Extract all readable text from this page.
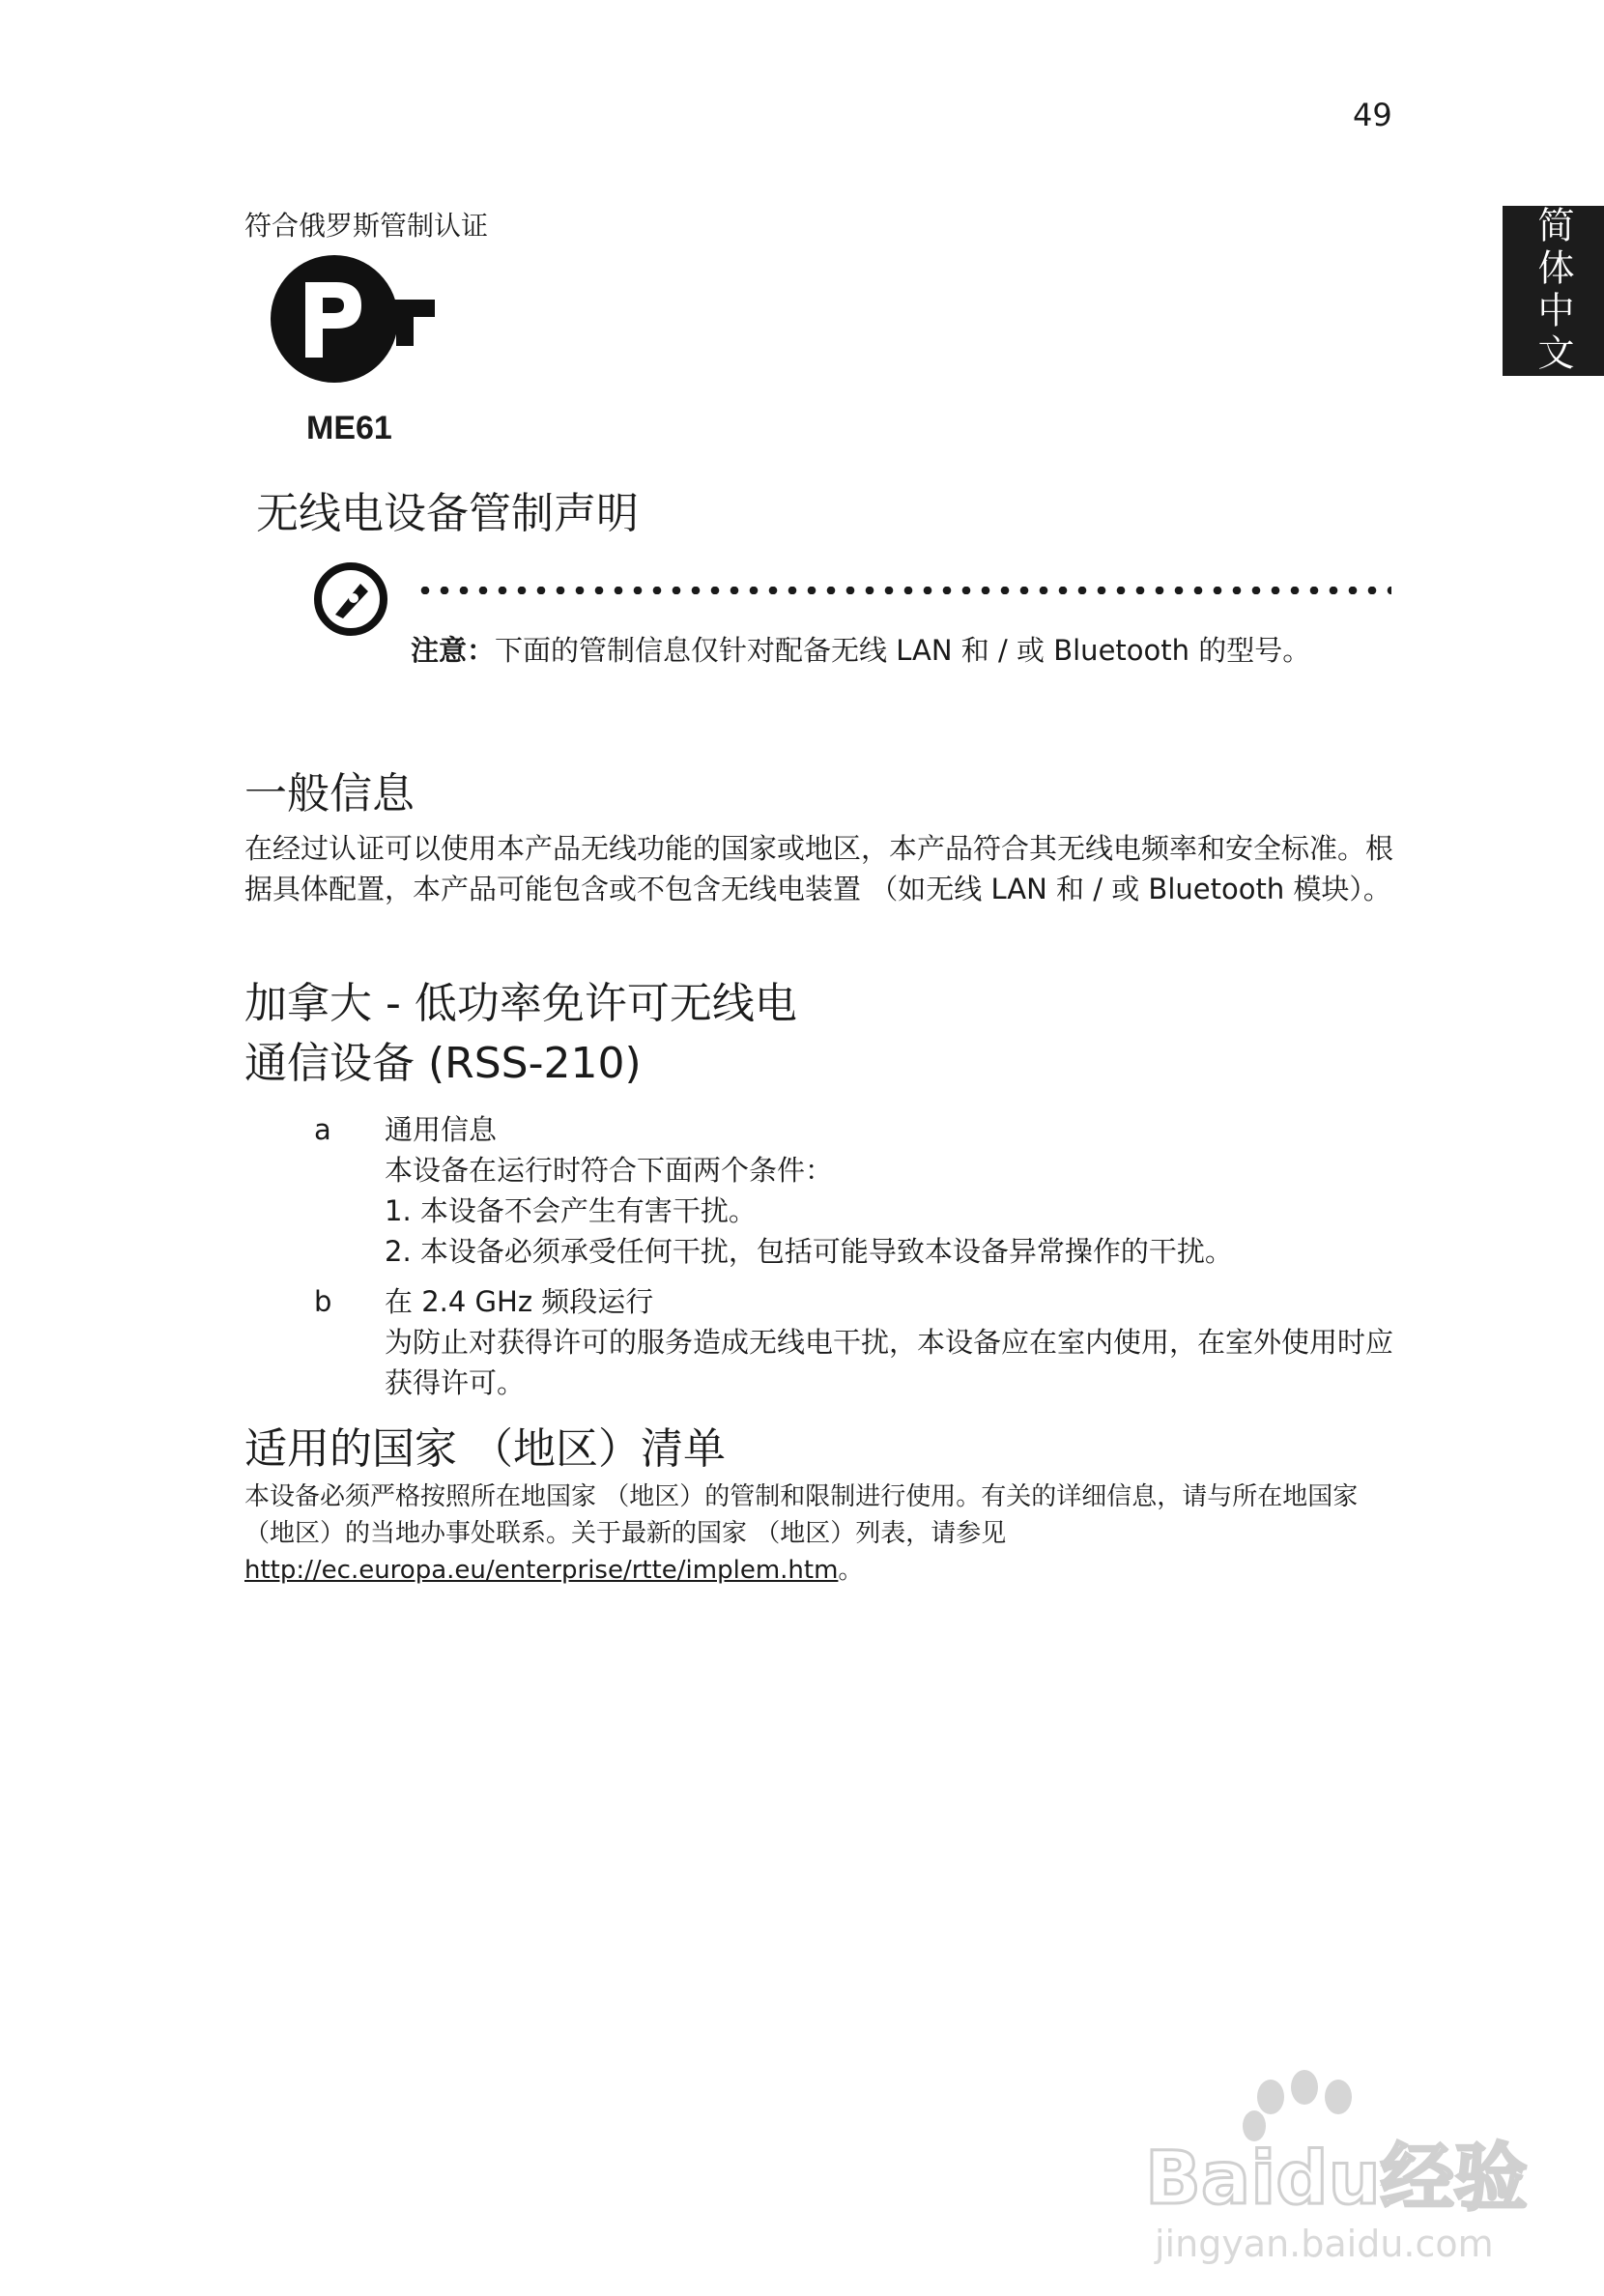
49
简体中文
符合俄罗斯管制认证
ME61
无线电设备管制声明
注意：下面的管制信息仅针对配备无线 LAN 和 / 或 Bluetooth 的型号。
一般信息
在经过认证可以使用本产品无线功能的国家或地区，本产品符合其无线电频率和安全标准。根据具体配置，本产品可能包含或不包含无线电装置 （如无线 LAN 和 / 或 Bluetooth 模块）。
加拿大 - 低功率免许可无线电
通信设备 (RSS-210)
a	通用信息
本设备在运行时符合下面两个条件：
1. 本设备不会产生有害干扰。
2. 本设备必须承受任何干扰，包括可能导致本设备异常操作的干扰。
b	在 2.4 GHz 频段运行
为防止对获得许可的服务造成无线电干扰，本设备应在室内使用，在室外使用时应获得许可。
适用的国家 （地区）清单
本设备必须严格按照所在地国家 （地区）的管制和限制进行使用。有关的详细信息，请与所在地国家 （地区）的当地办事处联系。关于最新的国家 （地区）列表，请参见 http://ec.europa.eu/enterprise/rtte/implem.htm。
Baidu经验
jingyan.baidu.com
